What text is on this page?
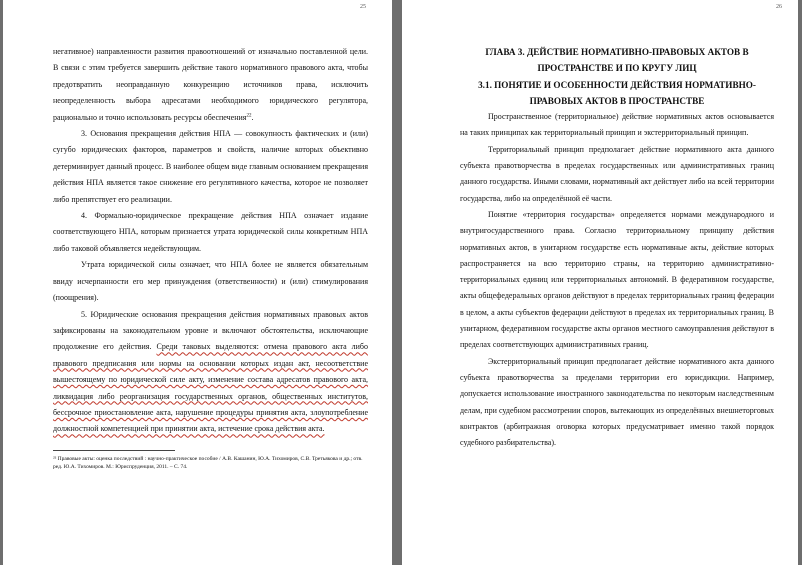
25

негативное) направленности развития правоотношений от изначально поставленной цели. В связи с этим требуется завершить действие такого нормативного правового акта, чтобы предотвратить неоправданную конкуренцию источников права, исключить неопределенность выбора адресатами необходимого юридического регулятора, рационально и точно использовать ресурсы обеспечения$^{22}$.

3. Основания прекращения действия НПА — совокупность фактических и (или) сугубо юридических факторов, параметров и свойств, наличие которых объективно детерминирует данный процесс. В наиболее общем виде главным основанием прекращения действия НПА является такое снижение его регулятивного качества, которое не позволяет либо препятствует его реализации.

4. Формально-юридическое прекращение действия НПА означает издание соответствующего НПА, которым признается утрата юридической силы конкретным НПА либо таковой объявляется недействующим.

Утрата юридической силы означает, что НПА более не является обязательным ввиду исчерпанности его мер принуждения (ответственности) и (или) стимулирования (поощрения).

5. Юридические основания прекращения действия нормативных правовых актов зафиксированы на законодательном уровне и включают обстоятельства, исключающие продолжение его действия. Среди таковых выделяются: отмена правового акта либо правового предписания или нормы на основании которых издан акт, несоответствие вышестоящему по юридической силе акту, изменение состава адресатов правового акта, ликвидация либо реорганизация государственных органов, общественных институтов, бессрочное приостановление акта, нарушение процедуры принятия акта, злоупотребление должностной компетенцией при принятии акта, истечение срока действия акта.

²² Правовые акты: оценка последствий : научно-практическое пособие / А.В. Кашанин, Ю.А. Тихомиров, С.В. Третьякова и др.; отв. ред. Ю.А. Тихомиров. М.: Юриспруденция, 2011. – С. 74.

26

ГЛАВА 3. ДЕЙСТВИЕ НОРМАТИВНО-ПРАВОВЫХ АКТОВ В ПРОСТРАНСТВЕ И ПО КРУГУ ЛИЦ

3.1. ПОНЯТИЕ И ОСОБЕННОСТИ ДЕЙСТВИЯ НОРМАТИВНО-ПРАВОВЫХ АКТОВ В ПРОСТРАНСТВЕ

Пространственное (территориальное) действие нормативных актов основывается на таких принципах как территориальный принцип и экстерриториальный принцип.

Территориальный принцип предполагает действие нормативного акта данного субъекта правотворчества в пределах государственных или административных границ данного государства. Иными словами, нормативный акт действует либо на всей территории государства, либо на определённой её части.

Понятие «территория государства» определяется нормами международного и внутригосударственного права. Согласно территориальному принципу действия нормативных актов, в унитарном государстве есть нормативные акты, действие которых распространяется на всю территорию страны, на территорию административно-территориальных единиц или территориальных автономий. В федеративном государстве, акты общефедеральных органов действуют в пределах территориальных границ федерации в целом, а акты субъектов федерации действуют в пределах их территориальных границ. В унитарном, федеративном государстве акты органов местного самоуправления действуют в пределах соответствующих административных границ.

Экстерриториальный принцип предполагает действие нормативного акта данного субъекта правотворчества за пределами территории его юрисдикции. Например, допускается использование иностранного законодательства по некоторым наследственным делам, при судебном рассмотрении споров, вытекающих из определённых внешнеторговых контрактов (арбитражная оговорка которых предусматривает именно такой порядок судебного разбирательства).
